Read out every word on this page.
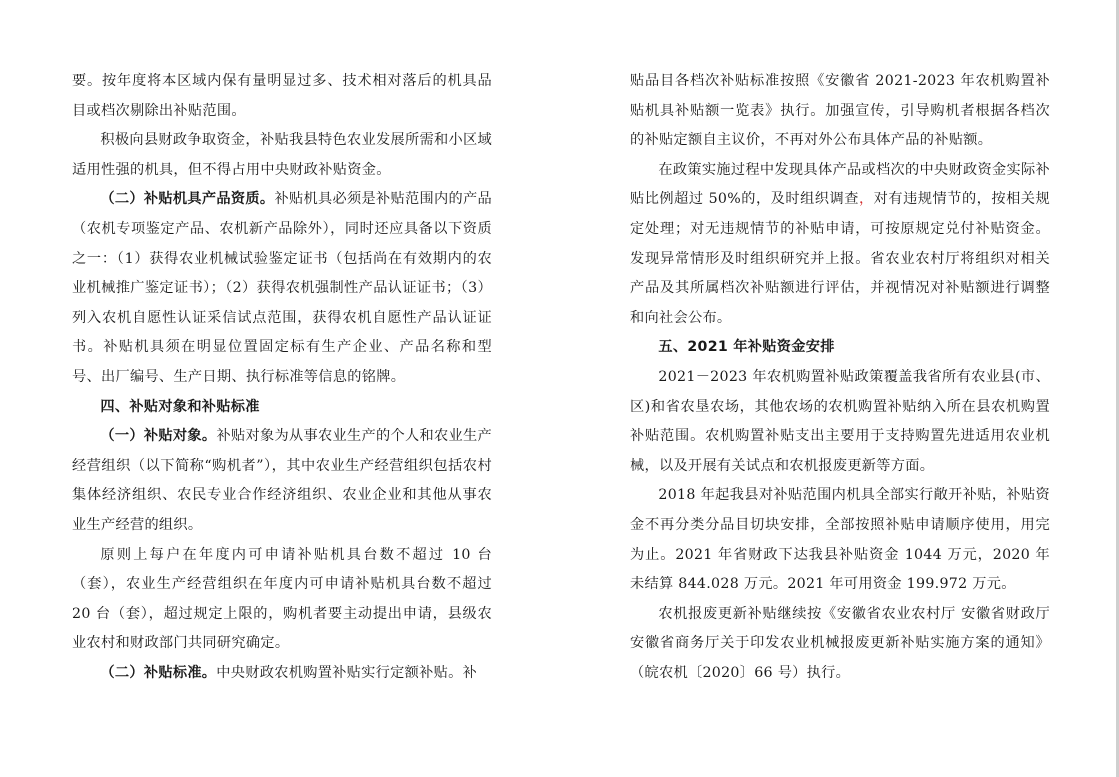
要。按年度将本区域内保有量明显过多、技术相对落后的机具品目或档次剔除出补贴范围。

积极向县财政争取资金，补贴我县特色农业发展所需和小区域适用性强的机具，但不得占用中央财政补贴资金。

（二）补贴机具产品资质。补贴机具必须是补贴范围内的产品（农机专项鉴定产品、农机新产品除外），同时还应具备以下资质之一：（1）获得农业机械试验鉴定证书（包括尚在有效期内的农业机械推广鉴定证书）；（2）获得农机强制性产品认证证书；（3）列入农机自愿性认证采信试点范围，获得农机自愿性产品认证证书。补贴机具须在明显位置固定标有生产企业、产品名称和型号、出厂编号、生产日期、执行标准等信息的铭牌。

四、补贴对象和补贴标准

（一）补贴对象。补贴对象为从事农业生产的个人和农业生产经营组织（以下简称“购机者”），其中农业生产经营组织包括农村集体经济组织、农民专业合作经济组织、农业企业和其他从事农业生产经营的组织。

原则上每户在年度内可申请补贴机具台数不超过 10 台（套），农业生产经营组织在年度内可申请补贴机具台数不超过 20 台（套），超过规定上限的，购机者要主动提出申请，县级农业农村和财政部门共同研究确定。

（二）补贴标准。中央财政农机购置补贴实行定额补贴。补

贴品目各档次补贴标准按照《安徽省 2021-2023 年农机购置补贴机具补贴额一览表》执行。加强宣传，引导购机者根据各档次的补贴定额自主议价，不再对外公布具体产品的补贴额。

在政策实施过程中发现具体产品或档次的中央财政资金实际补贴比例超过 50%的，及时组织调查，对有违规情节的，按相关规定处理；对无违规情节的补贴申请，可按原规定兑付补贴资金。发现异常情形及时组织研究并上报。省农业农村厅将组织对相关产品及其所属档次补贴额进行评估，并视情况对补贴额进行调整和向社会公布。

五、2021 年补贴资金安排

2021－2023 年农机购置补贴政策覆盖我省所有农业县(市、区)和省农垦农场，其他农场的农机购置补贴纳入所在县农机购置补贴范围。农机购置补贴支出主要用于支持购置先进适用农业机械，以及开展有关试点和农机报废更新等方面。

2018 年起我县对补贴范围内机具全部实行敞开补贴，补贴资金不再分类分品目切块安排，全部按照补贴申请顺序使用，用完为止。2021 年省财政下达我县补贴资金 1044 万元，2020 年未结算 844.028 万元。2021 年可用资金 199.972 万元。

农机报废更新补贴继续按《安徽省农业农村厅 安徽省财政厅 安徽省商务厅关于印发农业机械报废更新补贴实施方案的通知》（皖农机〔2020〕66 号）执行。
